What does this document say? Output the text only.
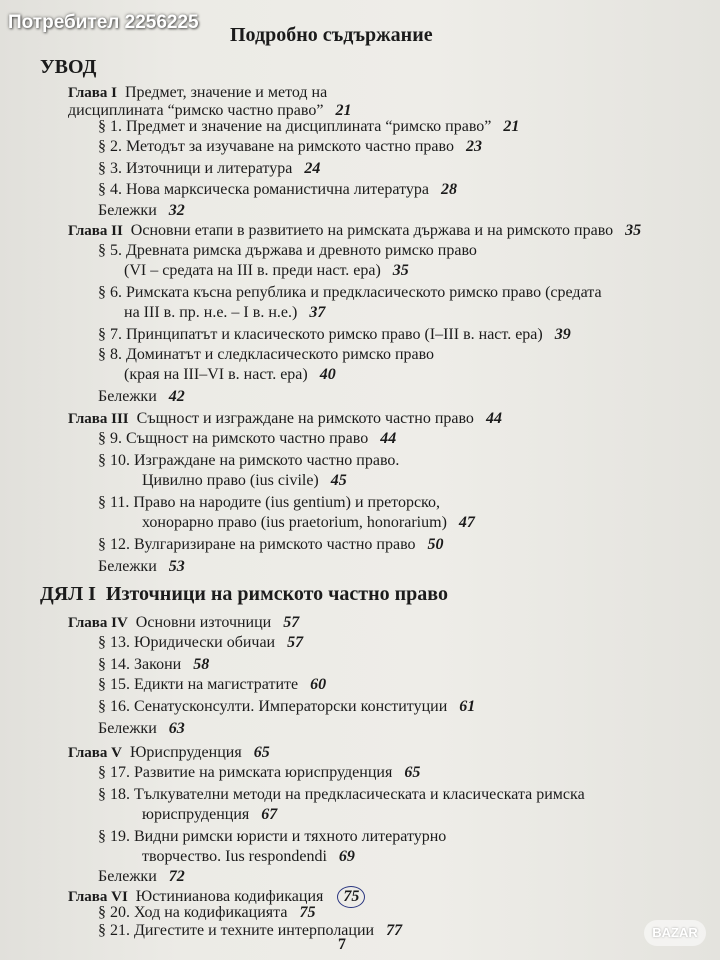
Потребител 2256225
Подробно съдържание
УВОД
Глава I Предмет, значение и метод на
дисциплината “римско частно право” 21
§ 1. Предмет и значение на дисциплината “римско право” 21
§ 2. Методът за изучаване на римското частно право 23
§ 3. Източници и литература 24
§ 4. Нова марксическа романистична литература 28
Бележки 32
Глава II Основни етапи в развитието на римската държава и на римското право 35
§ 5. Древната римска държава и древното римско право
(VI – средата на III в. преди наст. ера) 35
§ 6. Римската късна република и предкласическото римско право (средата
на III в. пр. н.е. – I в. н.е.) 37
§ 7. Принципатът и класическото римско право (I–III в. наст. ера) 39
§ 8. Доминатът и следкласическото римско право
(края на III–VI в. наст. ера) 40
Бележки 42
Глава III Същност и изграждане на римското частно право 44
§ 9. Същност на римското частно право 44
§ 10. Изграждане на римското частно право.
Цивилно право (ius civile) 45
§ 11. Право на народите (ius gentium) и преторско,
хонорарно право (ius praetorium, honorarium) 47
§ 12. Вулгаризиране на римското частно право 50
Бележки 53
ДЯЛ I Източници на римското частно право
Глава IV Основни източници 57
§ 13. Юридически обичаи 57
§ 14. Закони 58
§ 15. Едикти на магистратите 60
§ 16. Сенатусконсулти. Императорски конституции 61
Бележки 63
Глава V Юриспруденция 65
§ 17. Развитие на римската юриспруденция 65
§ 18. Тълкувателни методи на предкласическата и класическата римска
юриспруденция 67
§ 19. Видни римски юристи и тяхното литературно
творчество. Ius respondendi 69
Бележки 72
Глава VI Юстинианова кодификация 75
§ 20. Ход на кодификацията 75
§ 21. Дигестите и техните интерполации 77
7
BAZAR
